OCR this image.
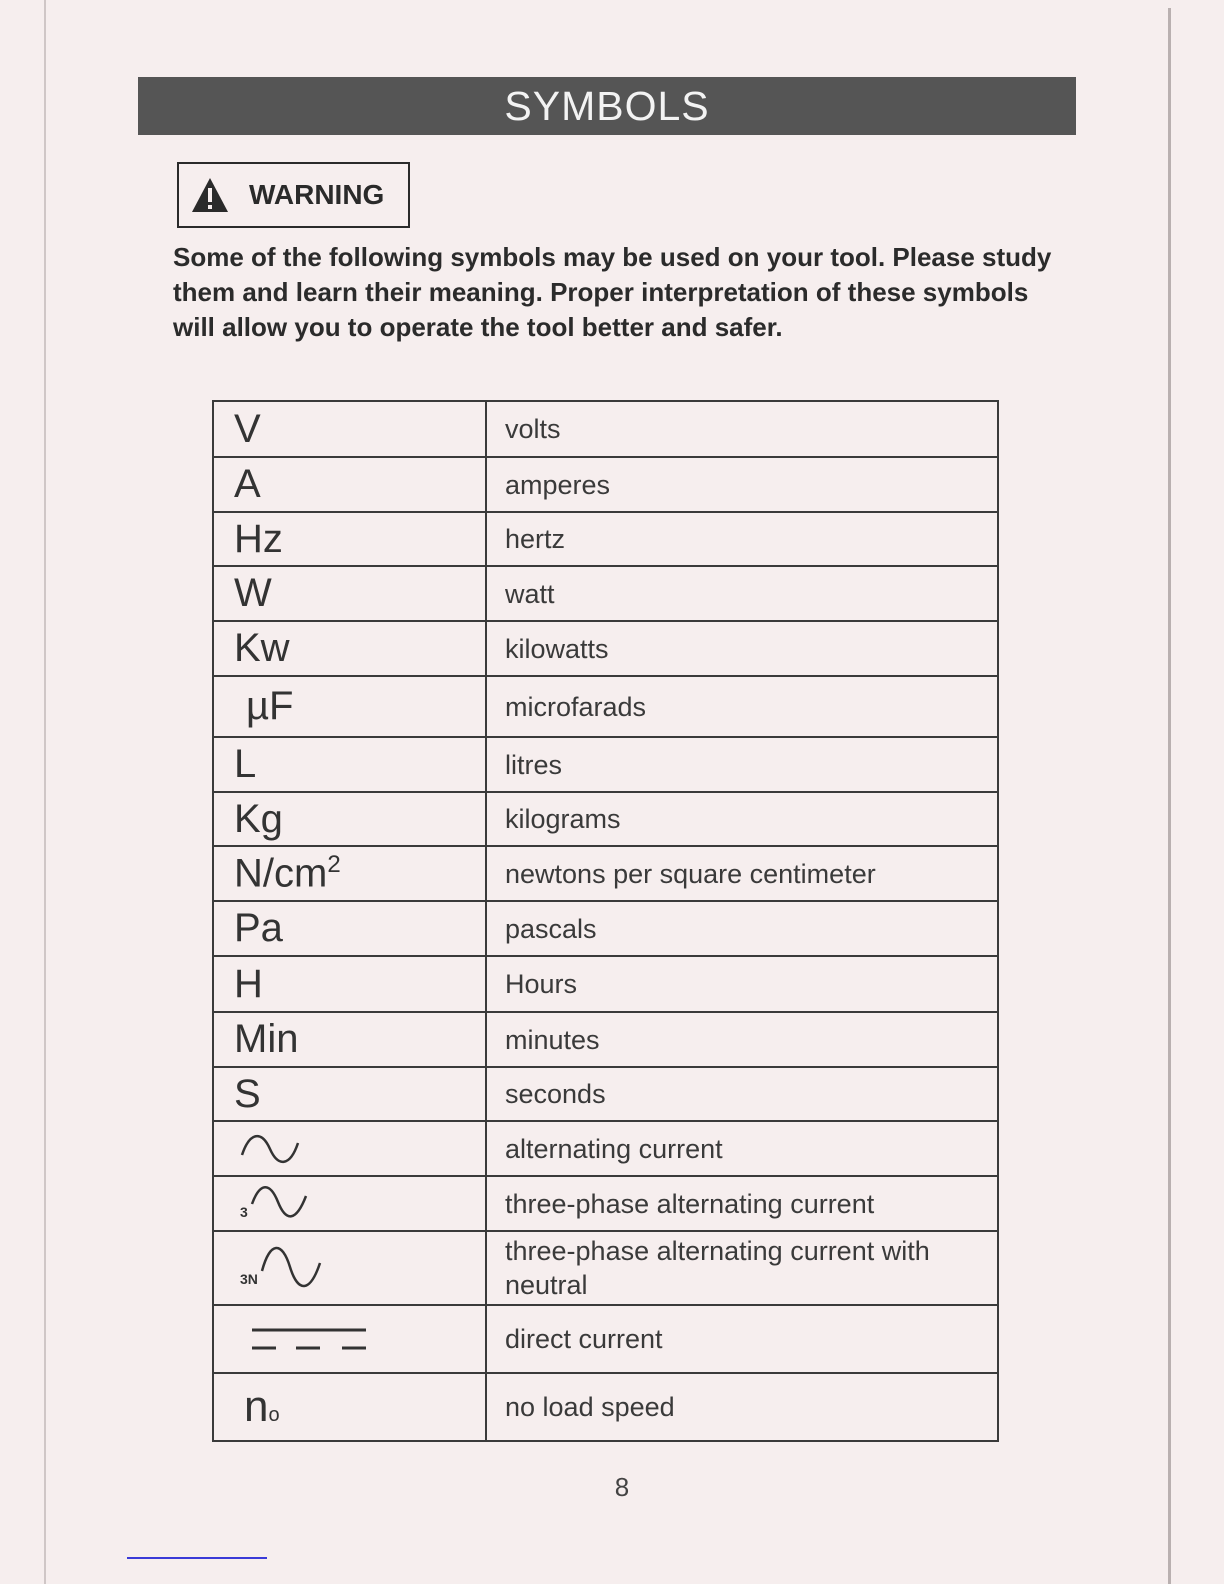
SYMBOLS
WARNING
Some of the following symbols may be used on your tool. Please study them and learn their meaning. Proper interpretation of these symbols will allow you to operate the tool better and safer.
V	volts
A	amperes
Hz	hertz
W	watt
Kw	kilowatts
µF	microfarads
L	litres
Kg	kilograms
$N/cm^2$	newtons per square centimeter
Pa	pascals
H	Hours
Min	minutes
S	seconds

	alternating current

3	three-phase alternating current

3N	three-phase alternating current with neutral

	direct current
no	no load speed
8
